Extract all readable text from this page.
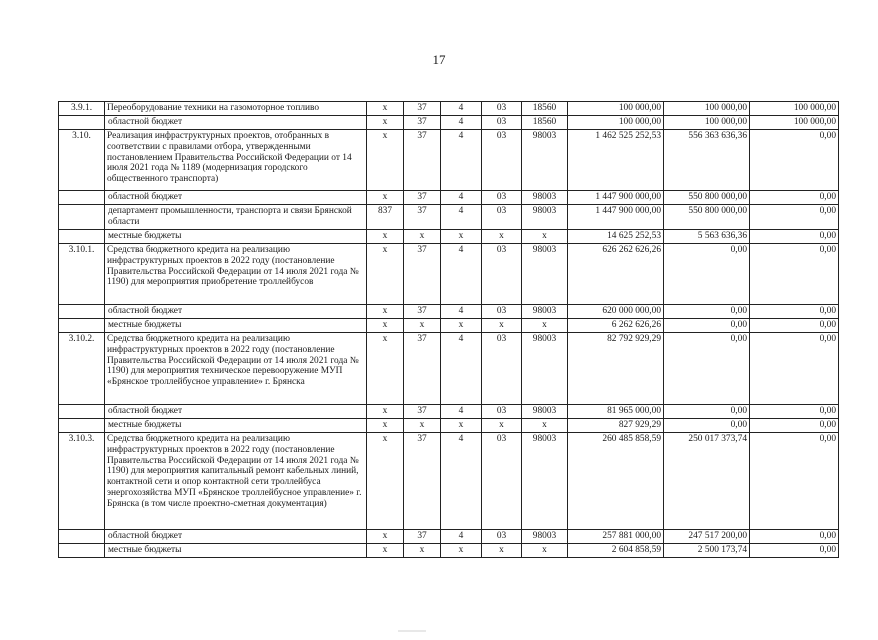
17
3.9.1.	Переоборудование техники на газомоторное топливо	х	37	4	03	18560	100 000,00	100 000,00	100 000,00
	областной бюджет	х	37	4	03	18560	100 000,00	100 000,00	100 000,00
3.10.	Реализация инфраструктурных проектов, отобранных в соответствии с правилами отбора, утвержденными постановлением Правительства Российской Федерации от 14 июля 2021 года № 1189 (модернизация городского общественного транспорта)	х	37	4	03	98003	1 462 525 252,53	556 363 636,36	0,00
	областной бюджет	х	37	4	03	98003	1 447 900 000,00	550 800 000,00	0,00
	департамент промышленности, транспорта и связи Брянской области	837	37	4	03	98003	1 447 900 000,00	550 800 000,00	0,00
	местные бюджеты	х	х	х	х	х	14 625 252,53	5 563 636,36	0,00
3.10.1.	Средства бюджетного кредита на реализацию инфраструктурных проектов в 2022 году (постановление Правительства Российской Федерации от 14 июля 2021 года № 1190) для мероприятия приобретение троллейбусов	х	37	4	03	98003	626 262 626,26	0,00	0,00
	областной бюджет	х	37	4	03	98003	620 000 000,00	0,00	0,00
	местные бюджеты	х	х	х	х	х	6 262 626,26	0,00	0,00
3.10.2.	Средства бюджетного кредита на реализацию инфраструктурных проектов в 2022 году (постановление Правительства Российской Федерации от 14 июля 2021 года № 1190) для мероприятия техническое перевооружение МУП «Брянское троллейбусное управление» г. Брянска	х	37	4	03	98003	82 792 929,29	0,00	0,00
	областной бюджет	х	37	4	03	98003	81 965 000,00	0,00	0,00
	местные бюджеты	х	х	х	х	х	827 929,29	0,00	0,00
3.10.3.	Средства бюджетного кредита на реализацию инфраструктурных проектов в 2022 году (постановление Правительства Российской Федерации от 14 июля 2021 года № 1190) для мероприятия капитальный ремонт кабельных линий, контактной сети и опор контактной сети троллейбуса энергохозяйства МУП «Брянское троллейбусное управление» г. Брянска (в том числе проектно-сметная документация)	х	37	4	03	98003	260 485 858,59	250 017 373,74	0,00
	областной бюджет	х	37	4	03	98003	257 881 000,00	247 517 200,00	0,00
	местные бюджеты	х	х	х	х	х	2 604 858,59	2 500 173,74	0,00
